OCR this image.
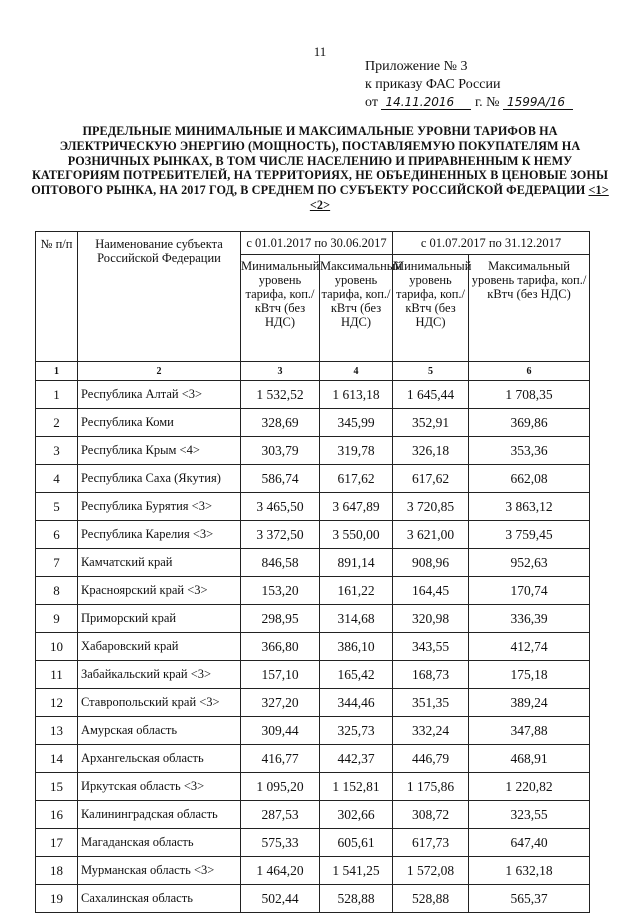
11
Приложение № 3
к приказу ФАС России
от 14.11.2016 г. № 1599А/16
ПРЕДЕЛЬНЫЕ МИНИМАЛЬНЫЕ И МАКСИМАЛЬНЫЕ УРОВНИ ТАРИФОВ НА ЭЛЕКТРИЧЕСКУЮ ЭНЕРГИЮ (МОЩНОСТЬ), ПОСТАВЛЯЕМУЮ ПОКУПАТЕЛЯМ НА РОЗНИЧНЫХ РЫНКАХ, В ТОМ ЧИСЛЕ НАСЕЛЕНИЮ И ПРИРАВНЕННЫМ К НЕМУ КАТЕГОРИЯМ ПОТРЕБИТЕЛЕЙ, НА ТЕРРИТОРИЯХ, НЕ ОБЪЕДИНЕННЫХ В ЦЕНОВЫЕ ЗОНЫ ОПТОВОГО РЫНКА, НА 2017 ГОД, В СРЕДНЕМ ПО СУБЪЕКТУ РОССИЙСКОЙ ФЕДЕРАЦИИ <1> <2>
№ п/п	Наименование субъекта Российской Федерации	с 01.01.2017 по 30.06.2017		с 01.07.2017 по 31.12.2017	
		Минимальный уровень тарифа, коп./кВтч (без НДС)	Максимальный уровень тарифа, коп./кВтч (без НДС)	Минимальный уровень тарифа, коп./кВтч (без НДС)	Максимальный уровень тарифа, коп./кВтч (без НДС)
1	2	3	4	5	6
1	Республика Алтай <3>	1 532,52	1 613,18	1 645,44	1 708,35
2	Республика Коми	328,69	345,99	352,91	369,86
3	Республика Крым <4>	303,79	319,78	326,18	353,36
4	Республика Саха (Якутия)	586,74	617,62	617,62	662,08
5	Республика Бурятия <3>	3 465,50	3 647,89	3 720,85	3 863,12
6	Республика Карелия <3>	3 372,50	3 550,00	3 621,00	3 759,45
7	Камчатский край	846,58	891,14	908,96	952,63
8	Красноярский край <3>	153,20	161,22	164,45	170,74
9	Приморский край	298,95	314,68	320,98	336,39
10	Хабаровский край	366,80	386,10	343,55	412,74
11	Забайкальский край <3>	157,10	165,42	168,73	175,18
12	Ставропольский край <3>	327,20	344,46	351,35	389,24
13	Амурская область	309,44	325,73	332,24	347,88
14	Архангельская область	416,77	442,37	446,79	468,91
15	Иркутская область <3>	1 095,20	1 152,81	1 175,86	1 220,82
16	Калининградская область	287,53	302,66	308,72	323,55
17	Магаданская область	575,33	605,61	617,73	647,40
18	Мурманская область <3>	1 464,20	1 541,25	1 572,08	1 632,18
19	Сахалинская область	502,44	528,88	528,88	565,37
